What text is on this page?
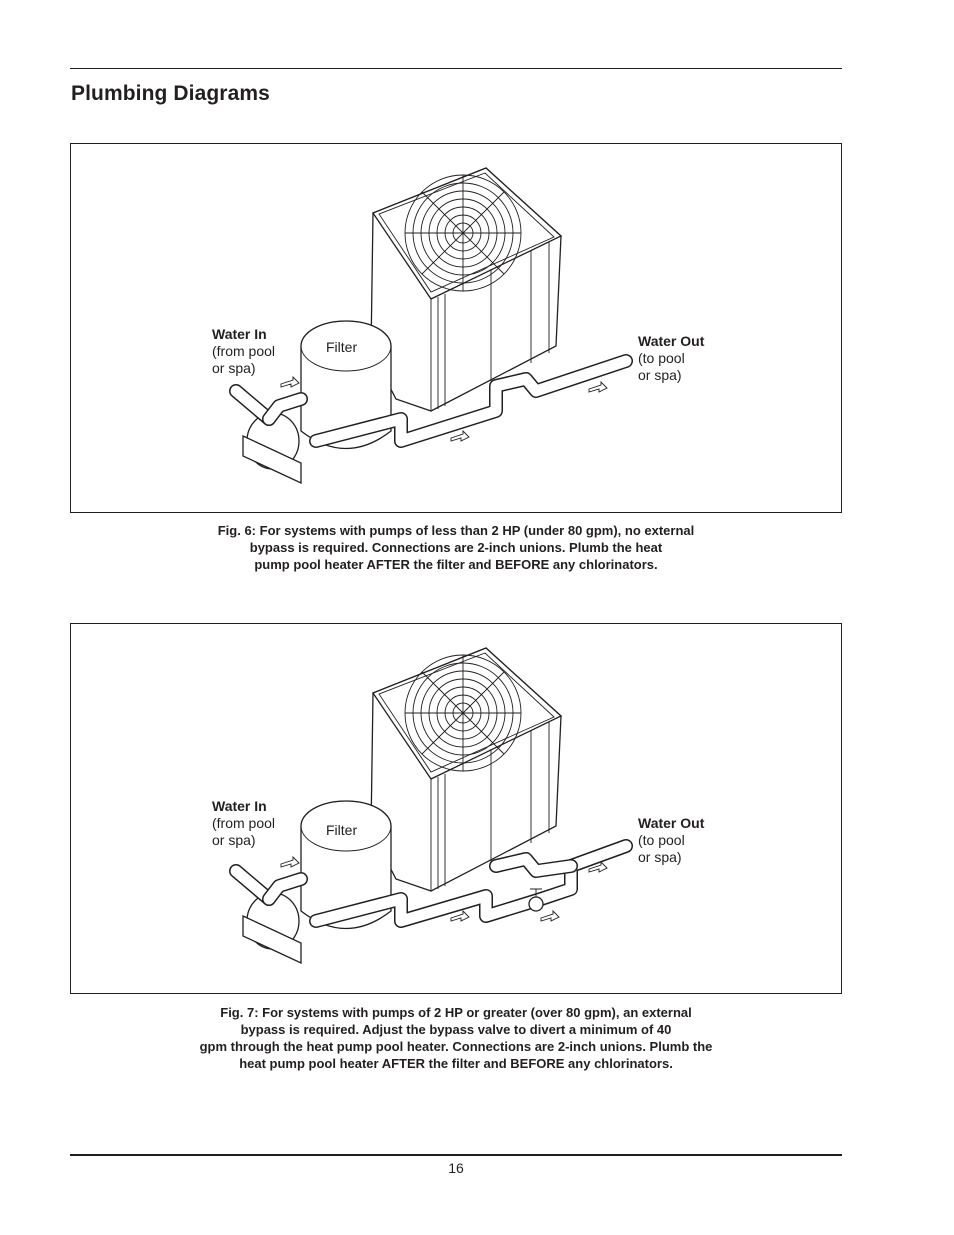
Plumbing Diagrams
Water In
(from pool
or spa)
Filter	Water Out
(to pool
or spa)
Fig. 6: For systems with pumps of less than 2 HP (under 80 gpm), no external
bypass is required. Connections are 2-inch unions. Plumb the heat
pump pool heater AFTER the filter and BEFORE any chlorinators.
Water In
(from pool
or spa)
Filter	Water Out
(to pool
or spa)
Fig. 7: For systems with pumps of 2 HP or greater (over 80 gpm), an external
bypass is required. Adjust the bypass valve to divert a minimum of 40
gpm through the heat pump pool heater. Connections are 2-inch unions. Plumb the
heat pump pool heater AFTER the filter and BEFORE any chlorinators.
16
